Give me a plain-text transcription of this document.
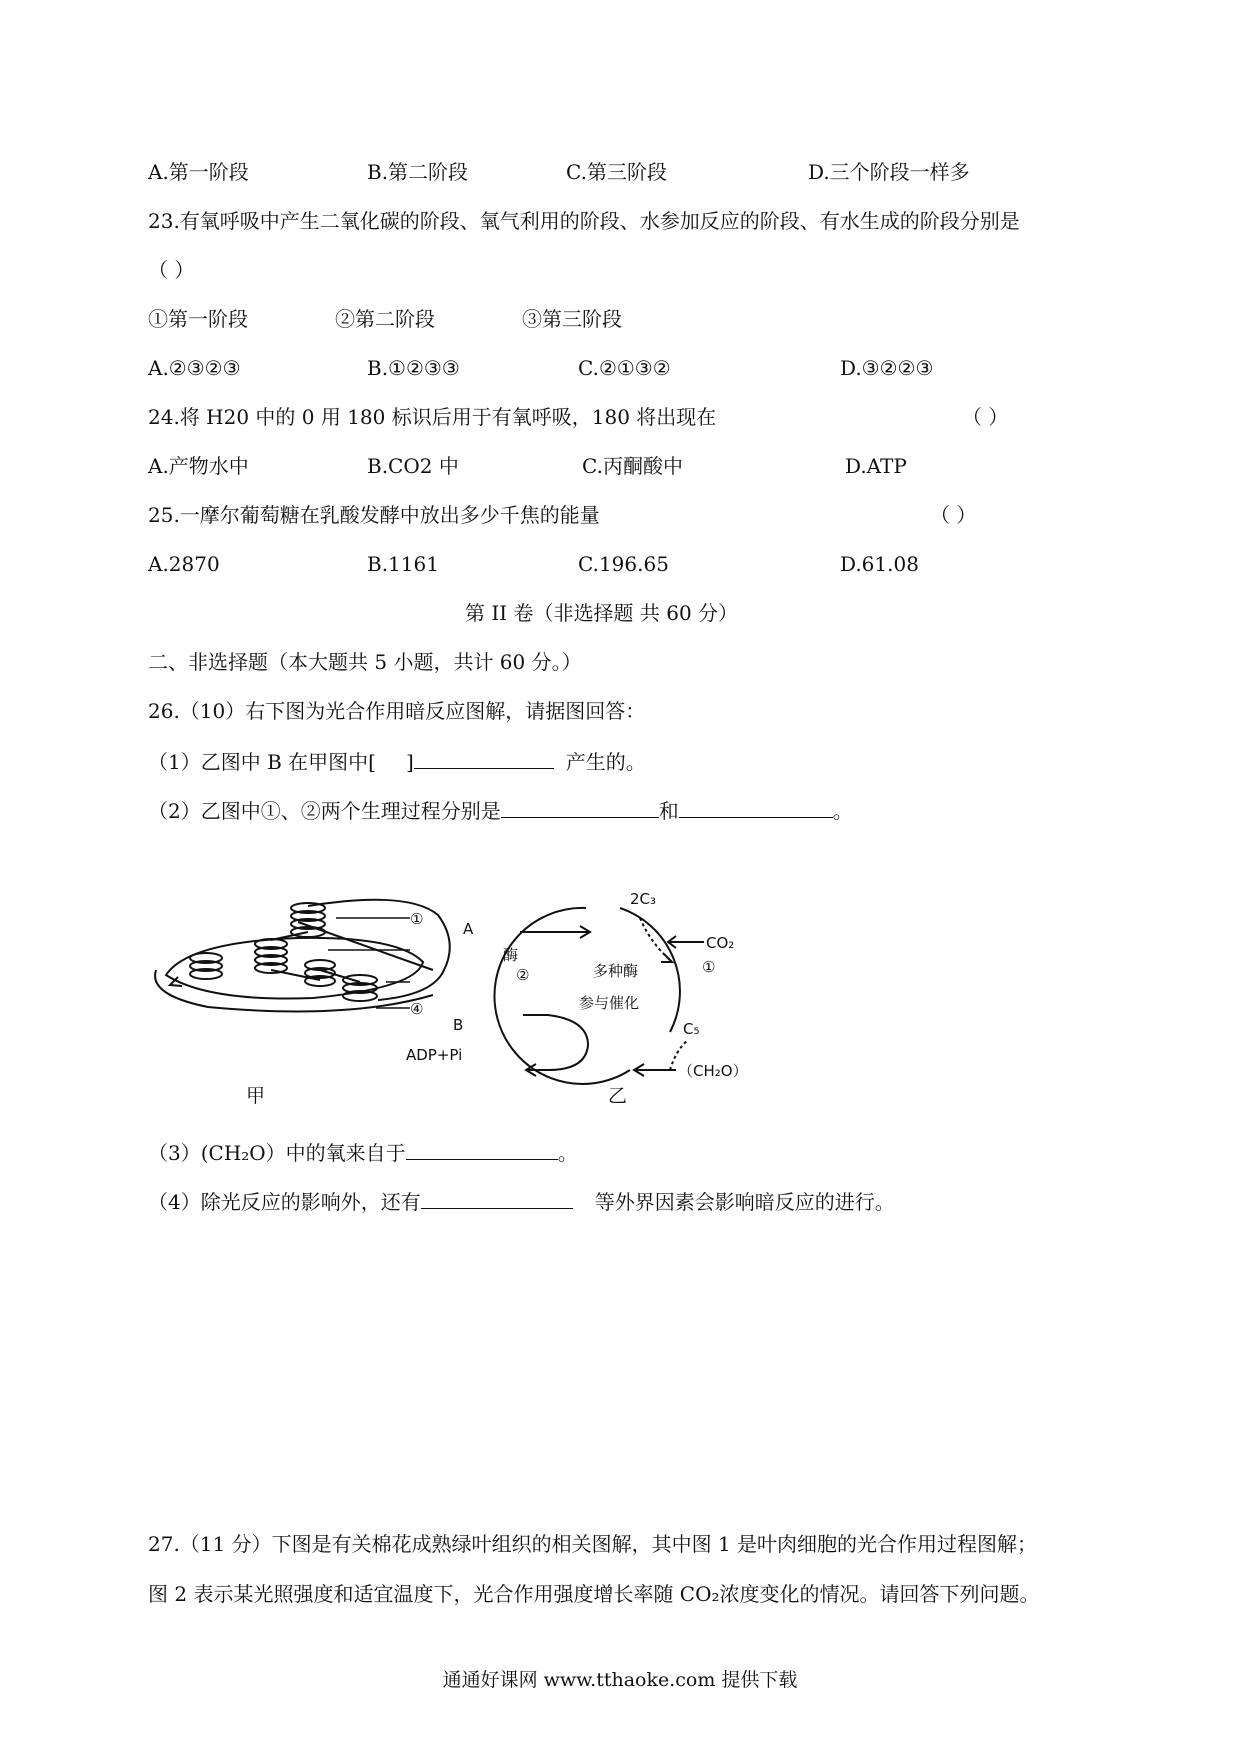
A.第一阶段	B.第二阶段	C.第三阶段	D.三个阶段一样多
23.有氧呼吸中产生二氧化碳的阶段、氧气利用的阶段、水参加反应的阶段、有水生成的阶段分别是
（ ）
①第一阶段	②第二阶段	③第三阶段
A.②③②③	B.①②③③	C.②①③②	D.③②②③
24.将 H20 中的 0 用 180 标识后用于有氧呼吸，180 将出现在	（ ）
A.产物水中	B.CO2 中	C.丙酮酸中	D.ATP
25.一摩尔葡萄糖在乳酸发酵中放出多少千焦的能量	（ ）
A.2870	B.1161	C.196.65	D.61.08
第 II 卷（非选择题 共 60 分）
二、非选择题（本大题共 5 小题，共计 60 分。）
26.（10）右下图为光合作用暗反应图解，请据图回答：
（1）乙图中 B 在甲图中[ ]	产生的。
（2）乙图中①、②两个生理过程分别是	和	。
①
A
④
B
ADP+Pi
甲
酶
②
2C₃
CO₂
①
多种酶
参与催化
C₅
（CH₂O）
乙
（3）(CH₂O）中的氧来自于	。
（4）除光反应的影响外，还有	等外界因素会影响暗反应的进行。
27.（11 分）下图是有关棉花成熟绿叶组织的相关图解，其中图 1 是叶肉细胞的光合作用过程图解；
图 2 表示某光照强度和适宜温度下，光合作用强度增长率随 CO₂浓度变化的情况。请回答下列问题。
通通好课网 www.tthaoke.com 提供下载
